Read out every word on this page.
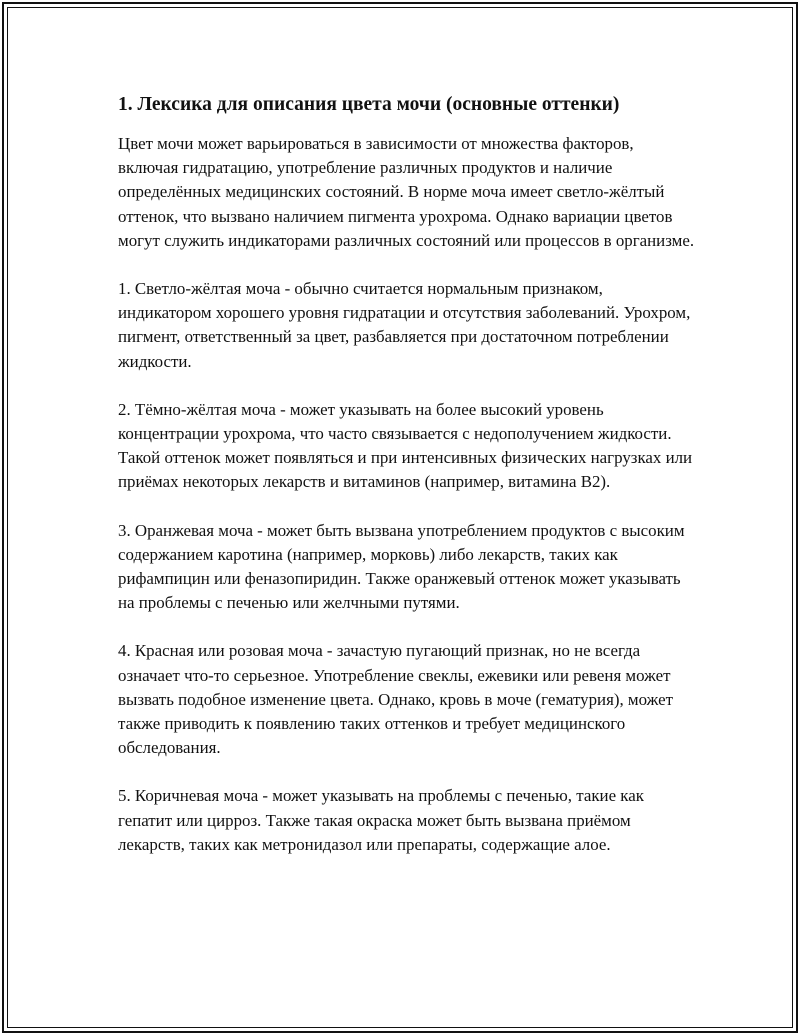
1. Лексика для описания цвета мочи (основные оттенки)

Цвет мочи может варьироваться в зависимости от множества факторов, включая гидратацию, употребление различных продуктов и наличие определённых медицинских состояний. В норме моча имеет светло-жёлтый оттенок, что вызвано наличием пигмента урохрома. Однако вариации цветов могут служить индикаторами различных состояний или процессов в организме.

1. Светло-жёлтая моча - обычно считается нормальным признаком, индикатором хорошего уровня гидратации и отсутствия заболеваний. Урохром, пигмент, ответственный за цвет, разбавляется при достаточном потреблении жидкости.

2. Тёмно-жёлтая моча - может указывать на более высокий уровень концентрации урохрома, что часто связывается с недополучением жидкости. Такой оттенок может появляться и при интенсивных физических нагрузках или приёмах некоторых лекарств и витаминов (например, витамина B2).

3. Оранжевая моча - может быть вызвана употреблением продуктов с высоким содержанием каротина (например, морковь) либо лекарств, таких как рифампицин или феназопиридин. Также оранжевый оттенок может указывать на проблемы с печенью или желчными путями.

4. Красная или розовая моча - зачастую пугающий признак, но не всегда означает что-то серьезное. Употребление свеклы, ежевики или ревеня может вызвать подобное изменение цвета. Однако, кровь в моче (гематурия), может также приводить к появлению таких оттенков и требует медицинского обследования.

5. Коричневая моча - может указывать на проблемы с печенью, такие как гепатит или цирроз. Также такая окраска может быть вызвана приёмом лекарств, таких как метронидазол или препараты, содержащие алое.
